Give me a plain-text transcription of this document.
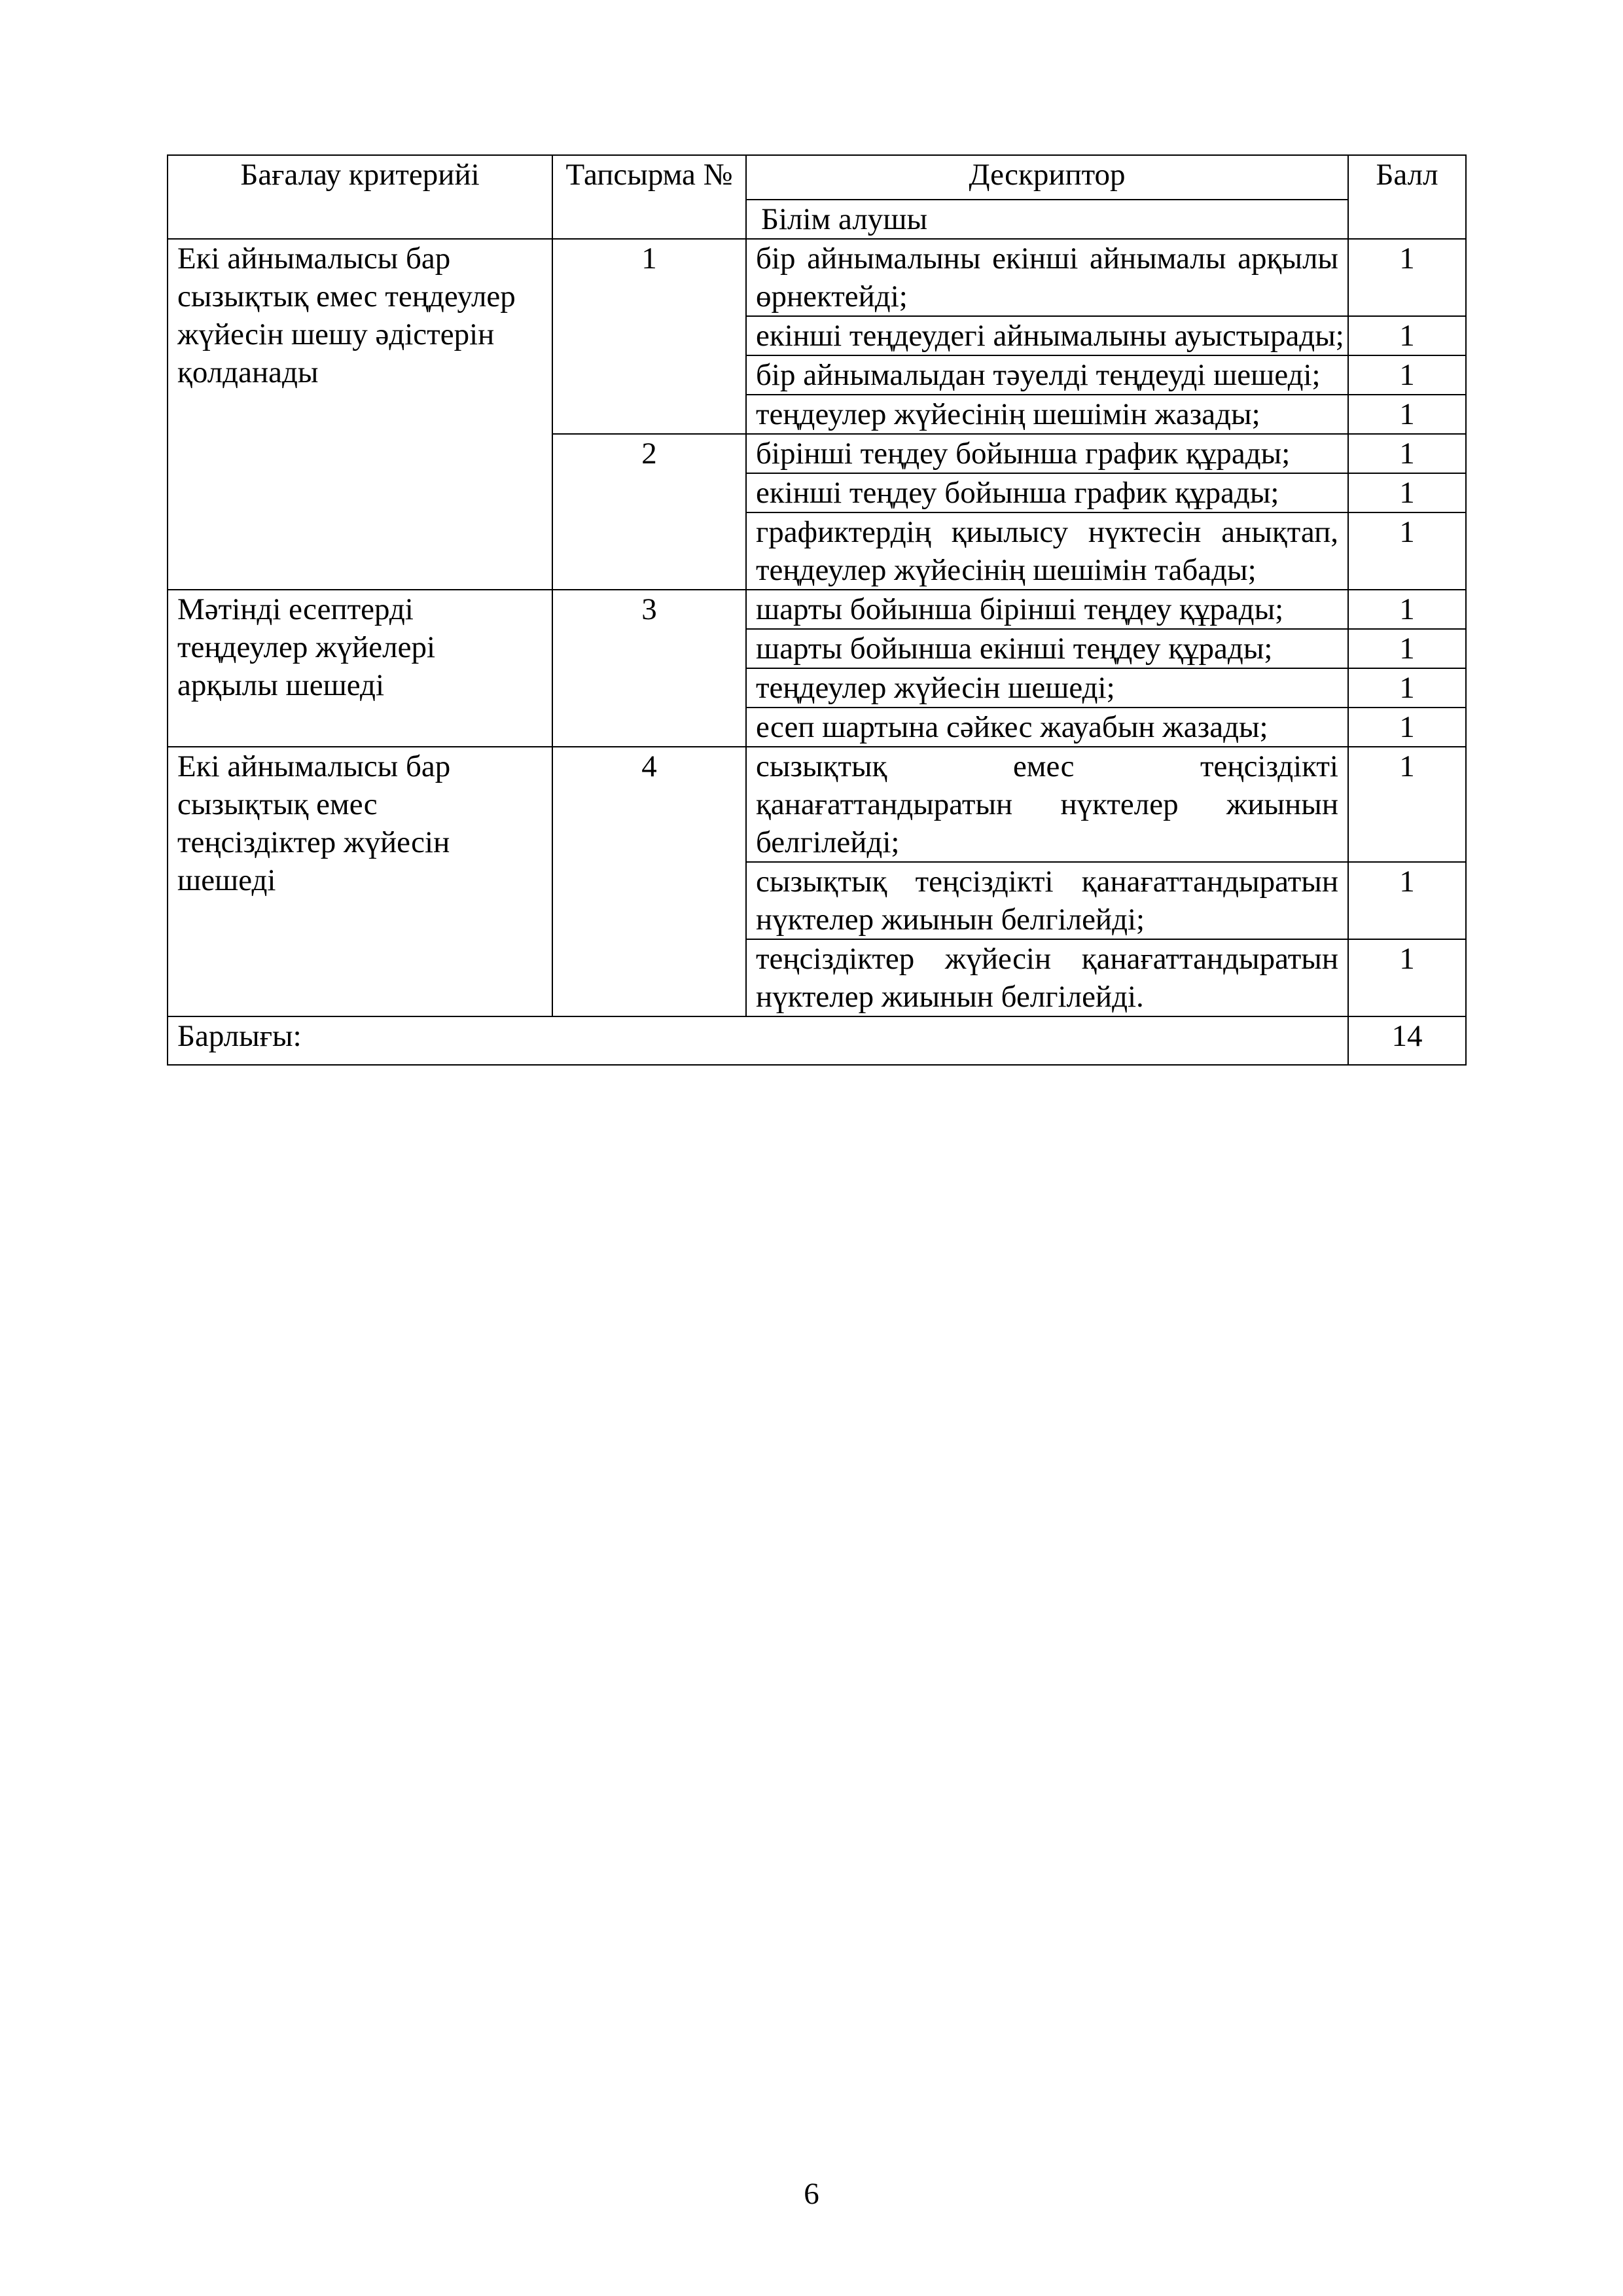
Бағалау критерийі	Тапсырма №	Дескриптор	Балл
		Білім алушы	
Екі айнымалысы бар сызықтық емес теңдеулер жүйесін шешу әдістерін қолданады	1	бір айнымалыны екінші айнымалы арқылы өрнектейді;	1
		екінші теңдеудегі айнымалыны ауыстырады;	1
		бір айнымалыдан тәуелді теңдеуді шешеді;	1
		теңдеулер жүйесінің шешімін жазады;	1
	2	бірінші теңдеу бойынша график құрады;	1
		екінші теңдеу бойынша график құрады;	1
		графиктердің қиылысу нүктесін анықтап, теңдеулер жүйесінің шешімін табады;	1
Мәтінді есептерді теңдеулер жүйелері арқылы шешеді	3	шарты бойынша бірінші теңдеу құрады;	1
		шарты бойынша екінші теңдеу құрады;	1
		теңдеулер жүйесін шешеді;	1
		есеп шартына сәйкес жауабын жазады;	1
Екі айнымалысы бар сызықтық емес теңсіздіктер жүйесін шешеді	4	сызықтық емес теңсіздікті қанағаттандыратын нүктелер жиынын белгілейді;	1
		сызықтық теңсіздікті қанағаттандыратын нүктелер жиынын белгілейді;	1
		теңсіздіктер жүйесін қанағаттандыратын нүктелер жиынын белгілейді.	1
Барлығы:			14
6
